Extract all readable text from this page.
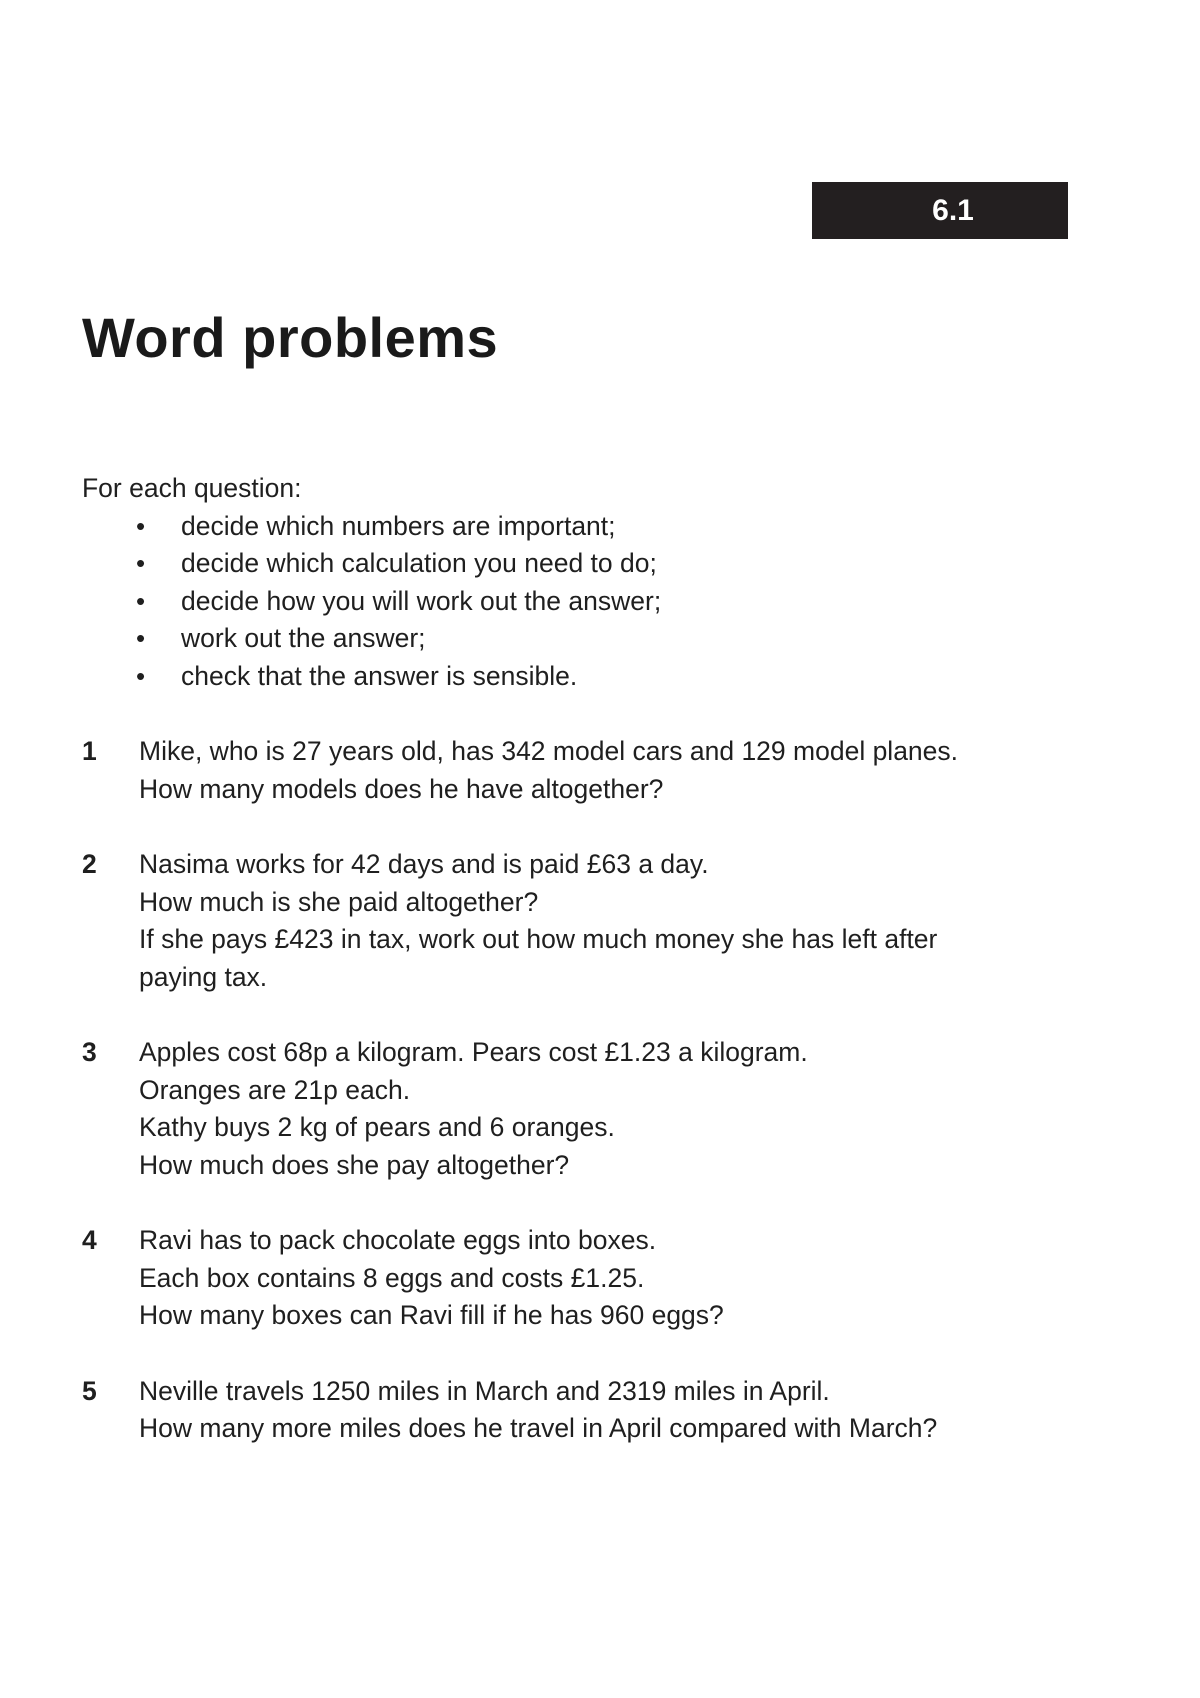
6.1
Word problems

For each question:

• decide which numbers are important;
• decide which calculation you need to do;
• decide how you will work out the answer;
• work out the answer;
• check that the answer is sensible.
1	Mike, who is 27 years old, has 342 model cars and 129 model planes.
How many models does he have altogether?
2	Nasima works for 42 days and is paid £63 a day.
How much is she paid altogether?
If she pays £423 in tax, work out how much money she has left after
paying tax.
3	Apples cost 68p a kilogram. Pears cost £1.23 a kilogram.
Oranges are 21p each.
Kathy buys 2 kg of pears and 6 oranges.
How much does she pay altogether?
4	Ravi has to pack chocolate eggs into boxes.
Each box contains 8 eggs and costs £1.25.
How many boxes can Ravi fill if he has 960 eggs?
5	Neville travels 1250 miles in March and 2319 miles in April.
How many more miles does he travel in April compared with March?
